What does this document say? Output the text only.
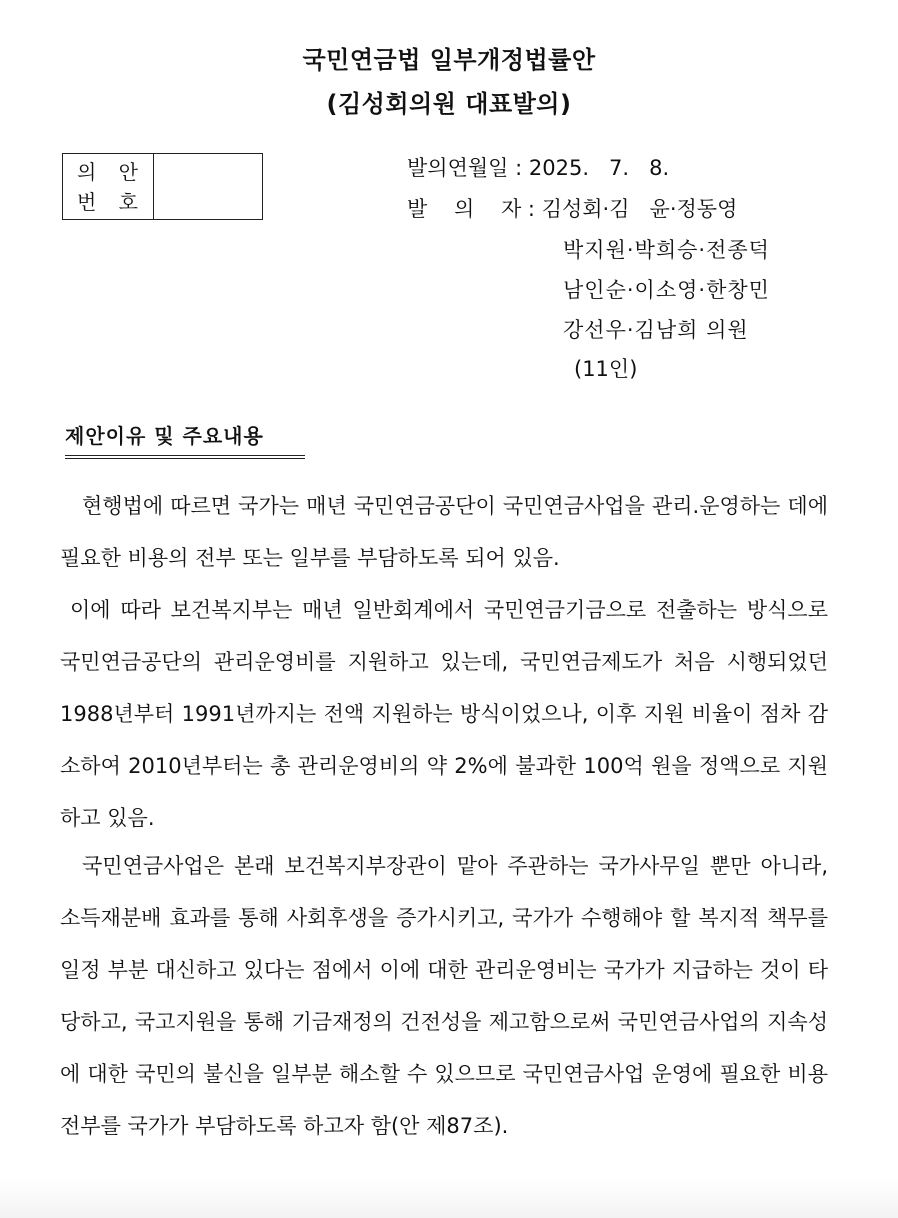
국민연금법 일부개정법률안
(김성회의원 대표발의)
의 안
번 호
발의연월일 : 2025.   7.   8.
발    의    자 : 김성회·김   윤·정동영
박지원·박희승·전종덕
남인순·이소영·한창민
강선우·김남희 의원
(11인)
제안이유 및 주요내용
현행법에 따르면 국가는 매년 국민연금공단이 국민연금사업을 관리.운영하는 데에 필요한 비용의 전부 또는 일부를 부담하도록 되어 있음.
이에 따라 보건복지부는 매년 일반회계에서 국민연금기금으로 전출하는 방식으로 국민연금공단의 관리운영비를 지원하고 있는데, 국민연금제도가 처음 시행되었던 1988년부터 1991년까지는 전액 지원하는 방식이었으나, 이후 지원 비율이 점차 감소하여 2010년부터는 총 관리운영비의 약 2%에 불과한 100억 원을 정액으로 지원하고 있음.
국민연금사업은 본래 보건복지부장관이 맡아 주관하는 국가사무일 뿐만 아니라, 소득재분배 효과를 통해 사회후생을 증가시키고, 국가가 수행해야 할 복지적 책무를 일정 부분 대신하고 있다는 점에서 이에 대한 관리운영비는 국가가 지급하는 것이 타당하고, 국고지원을 통해 기금재정의 건전성을 제고함으로써 국민연금사업의 지속성에 대한 국민의 불신을 일부분 해소할 수 있으므로 국민연금사업 운영에 필요한 비용 전부를 국가가 부담하도록 하고자 함(안 제87조).
